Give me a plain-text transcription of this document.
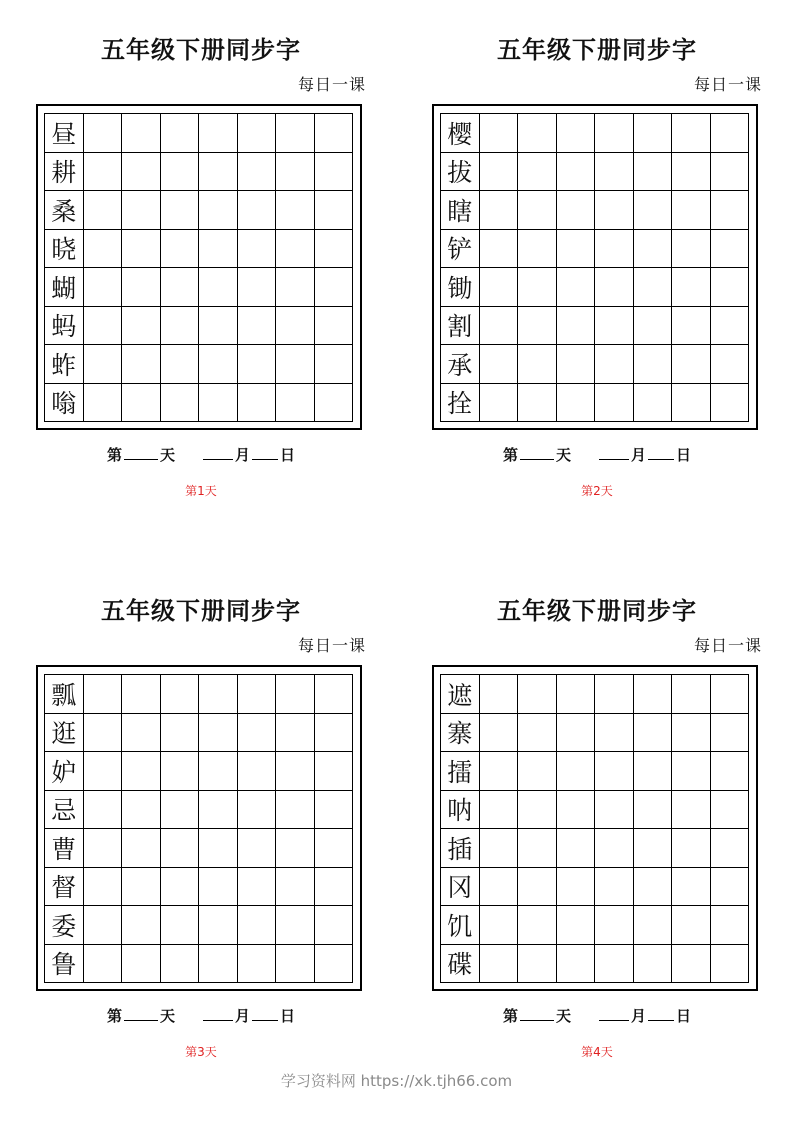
五年级下册同步字
每日一课
昼
耕
桑
晓
蝴
蚂
蚱
嗡
第	天	月 日
第1天
五年级下册同步字
每日一课
樱
拔
瞎
铲
锄
割
承
拴
第	天	月 日
第2天
五年级下册同步字
每日一课
瓢
逛
妒
忌
曹
督
委
鲁
第	天	月 日
第3天
五年级下册同步字
每日一课
遮
寨
擂
呐
插
冈
饥
碟
第	天	月 日
第4天
学习资料网 https://xk.tjh66.com
